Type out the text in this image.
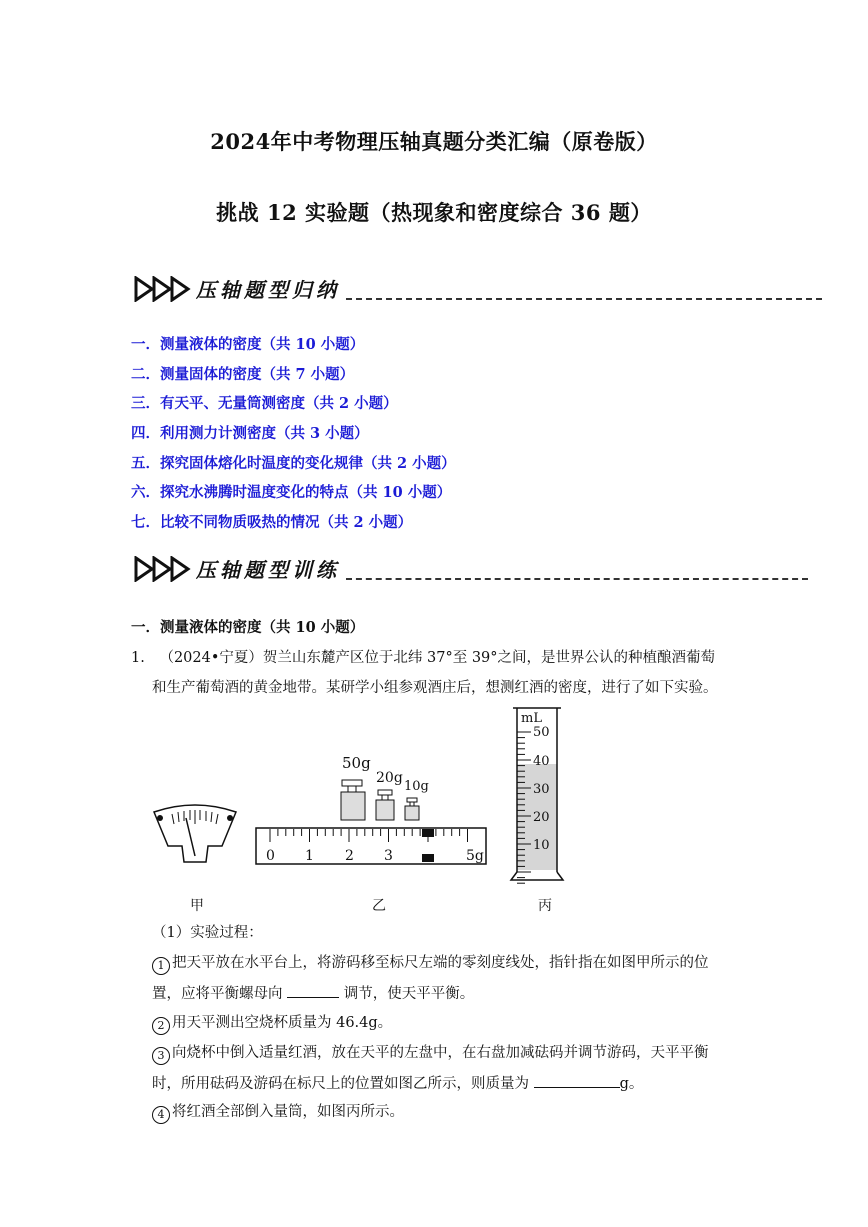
2024年中考物理压轴真题分类汇编（原卷版）
挑战 12 实验题（热现象和密度综合 36 题）
压轴题型归纳
一．测量液体的密度（共 10 小题）
二．测量固体的密度（共 7 小题）
三．有天平、无量筒测密度（共 2 小题）
四．利用测力计测密度（共 3 小题）
五．探究固体熔化时温度的变化规律（共 2 小题）
六．探究水沸腾时温度变化的特点（共 10 小题）
七．比较不同物质吸热的情况（共 2 小题）
压轴题型训练
一．测量液体的密度（共 10 小题）
1. （2024•宁夏）贺兰山东麓产区位于北纬 37°至 39°之间，是世界公认的种植酿酒葡萄
和生产葡萄酒的黄金地带。某研学小组参观酒庄后，想测红酒的密度，进行了如下实验。
甲
50g
20g
10g
0 1 2 3	5g
乙
mL
50
40
30
20
10
丙
（1）实验过程：
1 把天平放在水平台上，将游码移至标尺左端的零刻度线处，指针指在如图甲所示的位
置，应将平衡螺母向	调节，使天平平衡。
2 用天平测出空烧杯质量为 46.4g。
3 向烧杯中倒入适量红酒，放在天平的左盘中，在右盘加减砝码并调节游码，天平平衡
时，所用砝码及游码在标尺上的位置如图乙所示，则质量为	g。
4 将红酒全部倒入量筒，如图丙所示。
